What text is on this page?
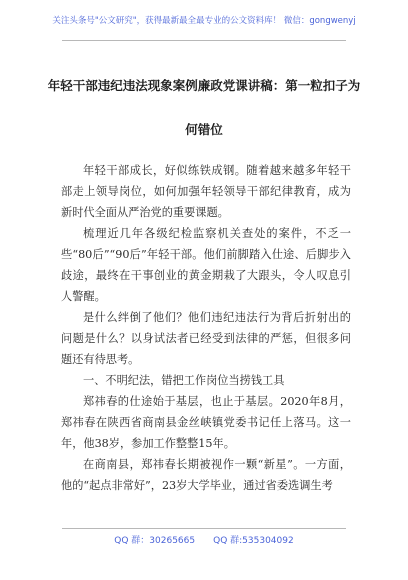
关注头条号"公文研究"，获得最新最全最专业的公文资料库！ 微信：gongwenyj
年轻干部违纪违法现象案例廉政党课讲稿：第一粒扣子为
何错位

年轻干部成长，好似练铁成钢。随着越来越多年轻干部走上领导岗位，如何加强年轻领导干部纪律教育，成为新时代全面从严治党的重要课题。

梳理近几年各级纪检监察机关查处的案件，不乏一些“80后”“90后”年轻干部。他们前脚踏入仕途、后脚步入歧途，最终在干事创业的黄金期栽了大跟头，令人叹息引人警醒。

是什么绊倒了他们？他们违纪违法行为背后折射出的问题是什么？以身试法者已经受到法律的严惩，但很多问题还有待思考。

一、不明纪法，错把工作岗位当捞钱工具

郑祎春的仕途始于基层，也止于基层。2020年8月，郑祎春在陕西省商南县金丝峡镇党委书记任上落马。这一年，他38岁，参加工作整整15年。

在商南县，郑祎春长期被视作一颗“新星”。一方面，他的“起点非常好”，23岁大学毕业，通过省委选调生考

QQ 群：30265665 QQ 群:535304092
